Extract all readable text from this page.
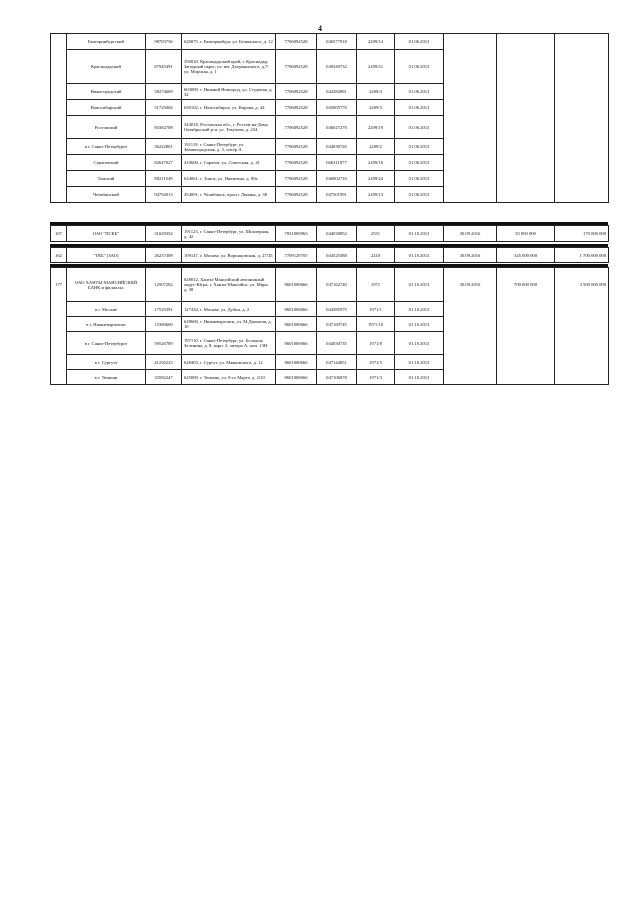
4
	Екатеринбургский	98703756	620075, г. Екатеринбург, ул. Белинского, д. 12	7706092528	046577918	2209/14	01.06.2013			
	Краснодарский	87945491	350020, Краснодарский край, г. Краснодар, Западный округ, ул. им. Дзержинского, д.7/ ул. Морская, д. 1	7706092528	040349732	2209/21	01.06.2013			
	Нижегородский	58274669	603000, г. Нижний Новгород, ул. Студеная, д. 32	7706092528	042282881	2209/4	01.06.2013			
	Новосибирский	51725064	630102, г. Новосибирск, ул. Кирова, д. 44	7706092528	045005770	2209/3	01.06.2013			
	Ростовский	83382708	344018, Ростовская обл., г. Ростов-на-Дону, Октябрьский р-н, ул. Текучева, д. 234	7706092528	046027270	2209/19	01.06.2013			
	в г. Санкт-Петербурге	56222801	191119, г. Санкт-Петербург, ул. Звенигородская, д. 3, литер А	7706092528	044030720	2209/2	01.06.2013			
	Саратовский	82647027	410600, г. Саратов, ул. Советская, д. 41	7706092528	046311877	2209/16	01.06.2013			
	Томский	88211549	634061, г. Томск, ул. Никитина, д. 89а	7706092528	046902716	2209/24	01.06.2013			
	Челябинский	94792013	454091, г. Челябинск, просп. Ленина, д. 38	7706092528	047501991	2209/13	01.06.2013			
107	ОАО "ПСКБ"	31029352	191123, г. Санкт-Петербург, ул. Шпалерная, д. 42	7831000965	044030852	2551	01.10.2013	30.09.2016	35 000 000	170 000 000
162	"ТКБ" (ЗАО)	26237308	109147, г. Москва, ул. Воронцовская, д. 27/35	7709129705	044525388	2210	01.10.2013	30.09.2016	345 000 000	1 700 000 000
177	ОАО ХАНТЫ-МАНСИЙСКИЙ БАНК и филиалы:	12507282	628012, Ханты-Мансийский автономный округ-Югра, г. Ханты-Мансийск, ул. Мира, д. 38	8601000666	047162740	1971	01.10.2013	30.09.2016	700 000 000	3 500 000 000
	в г. Москве	17525391	127434, г. Москва, ул. Дубки, д. 2	8601000666	044585975	1971/1	01.10.2013			
	в г. Нижневартовске	15380669	628600, г. Нижневартовск, ул. М.Джалиля, д. 10	8601000666	047169745	1971/10	01.10.2013			
	в г. Санкт-Петербурге	59526789	197110, г. Санкт-Петербург, ул. Большая Зеленина, д. 8, корп. 2, литера А, пом. 13Н	8601000666	044030735	1971/8	01.10.2013			
	в г. Сургуте	41250223	628403, г. Сургут, ул. Маяковского, д. 12	8601000666	047144851	1971/5	01.10.2013			
	в г. Тюмени	33582247	625000, г. Тюмень, ул. 8-го Марта, д. 2/10	8601000666	047106878	1971/3	01.10.2013			
